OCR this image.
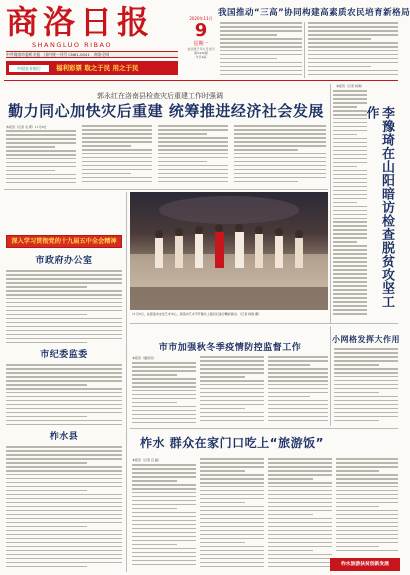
商洛日报
SHANGLUO RIBAO
中共商洛市委机关报 国内统一刊号 CN61-0041 商洛全网
中国农业银行	福利彩票 取之于民 用之于民
2020年11月
9
星期一
农历庚子年九月廿四
第5436期
今日4版
我国推动“三高”协同构建高素质农民培育新格局
郭永红在洛南县检查灾后重建工作时强调
勤力同心加快灾后重建 统筹推进经济社会发展
本报讯（记者 毛 郭）11月6日
本报讯（记者 柯海）
李豫琦在山阳暗访检查脱贫攻坚工作
深入学习贯彻党的十九届五中全会精神
市政府办公室
市纪委监委
柞水县
11月5日，在商洛市文化艺术中心，商洛市艺术节开幕式上演员们进行精彩演出。（记者 柯海 摄）
市市加强秋冬季疫情防控监督工作
本报讯（通讯员）
小网格发挥大作用
柞水 群众在家门口吃上“旅游饭”
本报讯（记者 吕 磊）
柞水旅游扶贫创新发展
